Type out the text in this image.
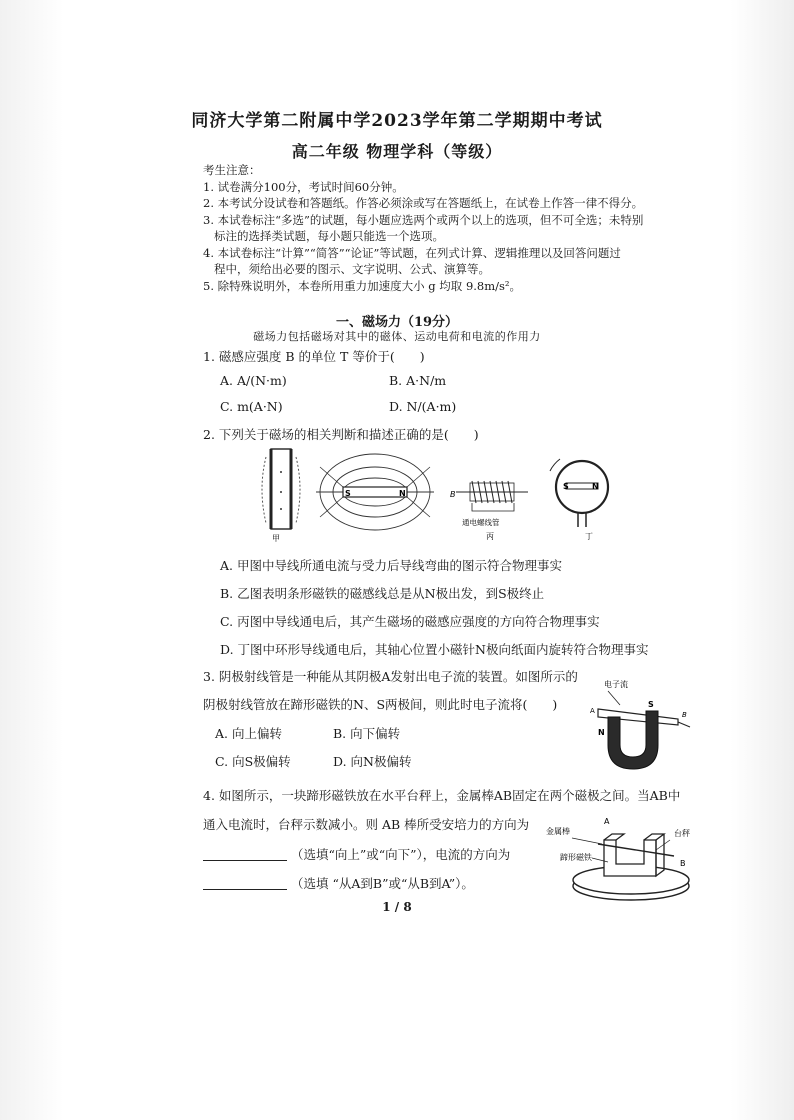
同济大学第二附属中学2023学年第二学期期中考试
高二年级 物理学科（等级）

考生注意：

1. 试卷满分100分，考试时间60分钟。

2. 本考试分设试卷和答题纸。作答必须涂或写在答题纸上，在试卷上作答一律不得分。

3. 本试卷标注“多选”的试题，每小题应选两个或两个以上的选项，但不可全选；未特别

标注的选择类试题，每小题只能选一个选项。

4. 本试卷标注“计算”“简答”“论证”等试题，在列式计算、逻辑推理以及回答问题过

程中，须给出必要的图示、文字说明、公式、演算等。

5. 除特殊说明外，本卷所用重力加速度大小 g 均取 9.8m/s²。

一、磁场力（19分）
磁场力包括磁场对其中的磁体、运动电荷和电流的作用力
1. 磁感应强度 B 的单位 T 等价于(　　)
A. A/(N·m)	B. A·N/m
C. m(A·N)	D. N/(A·m)
2. 下列关于磁场的相关判断和描述正确的是(　　)
甲
S	N	B
通电螺线管
丙
S	N
丁
A. 甲图中导线所通电流与受力后导线弯曲的图示符合物理事实
B. 乙图表明条形磁铁的磁感线总是从N极出发，到S极终止
C. 丙图中导线通电后，其产生磁场的磁感应强度的方向符合物理事实
D. 丁图中环形导线通电后，其轴心位置小磁针N极向纸面内旋转符合物理事实
3. 阴极射线管是一种能从其阴极A发射出电子流的装置。如图所示的
阴极射线管放在蹄形磁铁的N、S两极间，则此时电子流将(　　)
A. 向上偏转	B. 向下偏转
C. 向S极偏转	D. 向N极偏转
电子流
A	B
S
N
4. 如图所示，一块蹄形磁铁放在水平台秤上，金属棒AB固定在两个磁极之间。当AB中
通入电流时，台秤示数减小。则 AB 棒所受安培力的方向为
（选填“向上”或“向下”），电流的方向为
（选填 “从A到B”或“从B到A”）。
金属棒	台秤
蹄形磁铁
A
B
1 / 8
